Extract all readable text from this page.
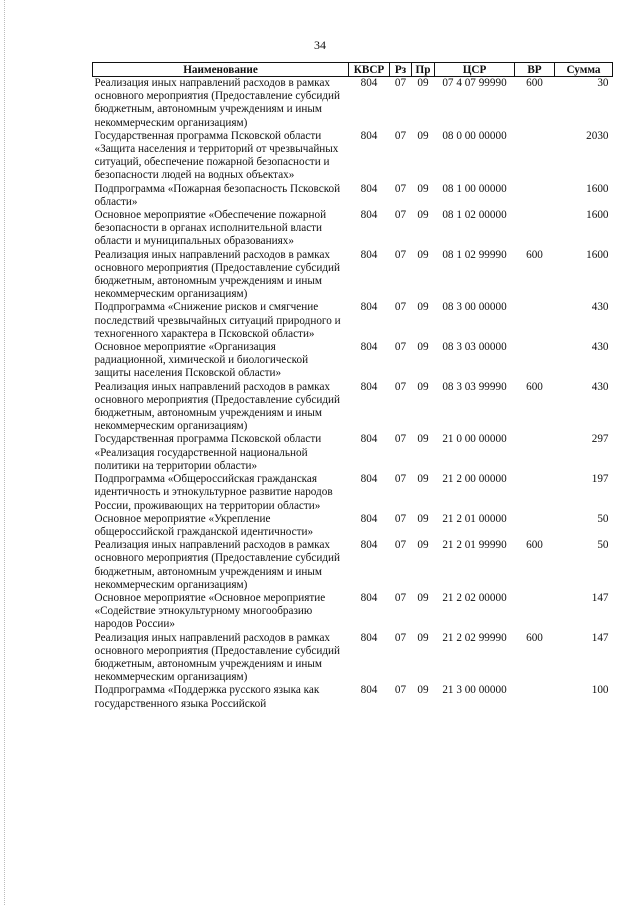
34
Наименование	КВСР	Рз	Пр	ЦСР	ВР	Сумма
Реализация иных направлений расходов в рамках основного мероприятия (Предоставление субсидий бюджетным, автономным учреждениям и иным некоммерческим организациям)	804	07	09	07 4 07 99990	600	30
Государственная программа Псковской области «Защита населения и территорий от чрезвычайных ситуаций, обеспечение пожарной безопасности и безопасности людей на водных объектах»	804	07	09	08 0 00 00000		2030
Подпрограмма «Пожарная безопасность Псковской области»	804	07	09	08 1 00 00000		1600
Основное мероприятие «Обеспечение пожарной безопасности в органах исполнительной власти области и муниципальных образованиях»	804	07	09	08 1 02 00000		1600
Реализация иных направлений расходов в рамках основного мероприятия (Предоставление субсидий бюджетным, автономным учреждениям и иным некоммерческим организациям)	804	07	09	08 1 02 99990	600	1600
Подпрограмма «Снижение рисков и смягчение последствий чрезвычайных ситуаций природного и техногенного характера в Псковской области»	804	07	09	08 3 00 00000		430
Основное мероприятие «Организация радиационной, химической и биологической защиты населения Псковской области»	804	07	09	08 3 03 00000		430
Реализация иных направлений расходов в рамках основного мероприятия (Предоставление субсидий бюджетным, автономным учреждениям и иным некоммерческим организациям)	804	07	09	08 3 03 99990	600	430
Государственная программа Псковской области «Реализация государственной национальной политики на территории области»	804	07	09	21 0 00 00000		297
Подпрограмма «Общероссийская гражданская идентичность и этнокультурное развитие народов России, проживающих на территории области»	804	07	09	21 2 00 00000		197
Основное мероприятие «Укрепление общероссийской гражданской идентичности»	804	07	09	21 2 01 00000		50
Реализация иных направлений расходов в рамках основного мероприятия (Предоставление субсидий бюджетным, автономным учреждениям и иным некоммерческим организациям)	804	07	09	21 2 01 99990	600	50
Основное мероприятие «Основное мероприятие «Содействие этнокультурному многообразию народов России»	804	07	09	21 2 02 00000		147
Реализация иных направлений расходов в рамках основного мероприятия (Предоставление субсидий бюджетным, автономным учреждениям и иным некоммерческим организациям)	804	07	09	21 2 02 99990	600	147
Подпрограмма «Поддержка русского языка как государственного языка Российской	804	07	09	21 3 00 00000		100
